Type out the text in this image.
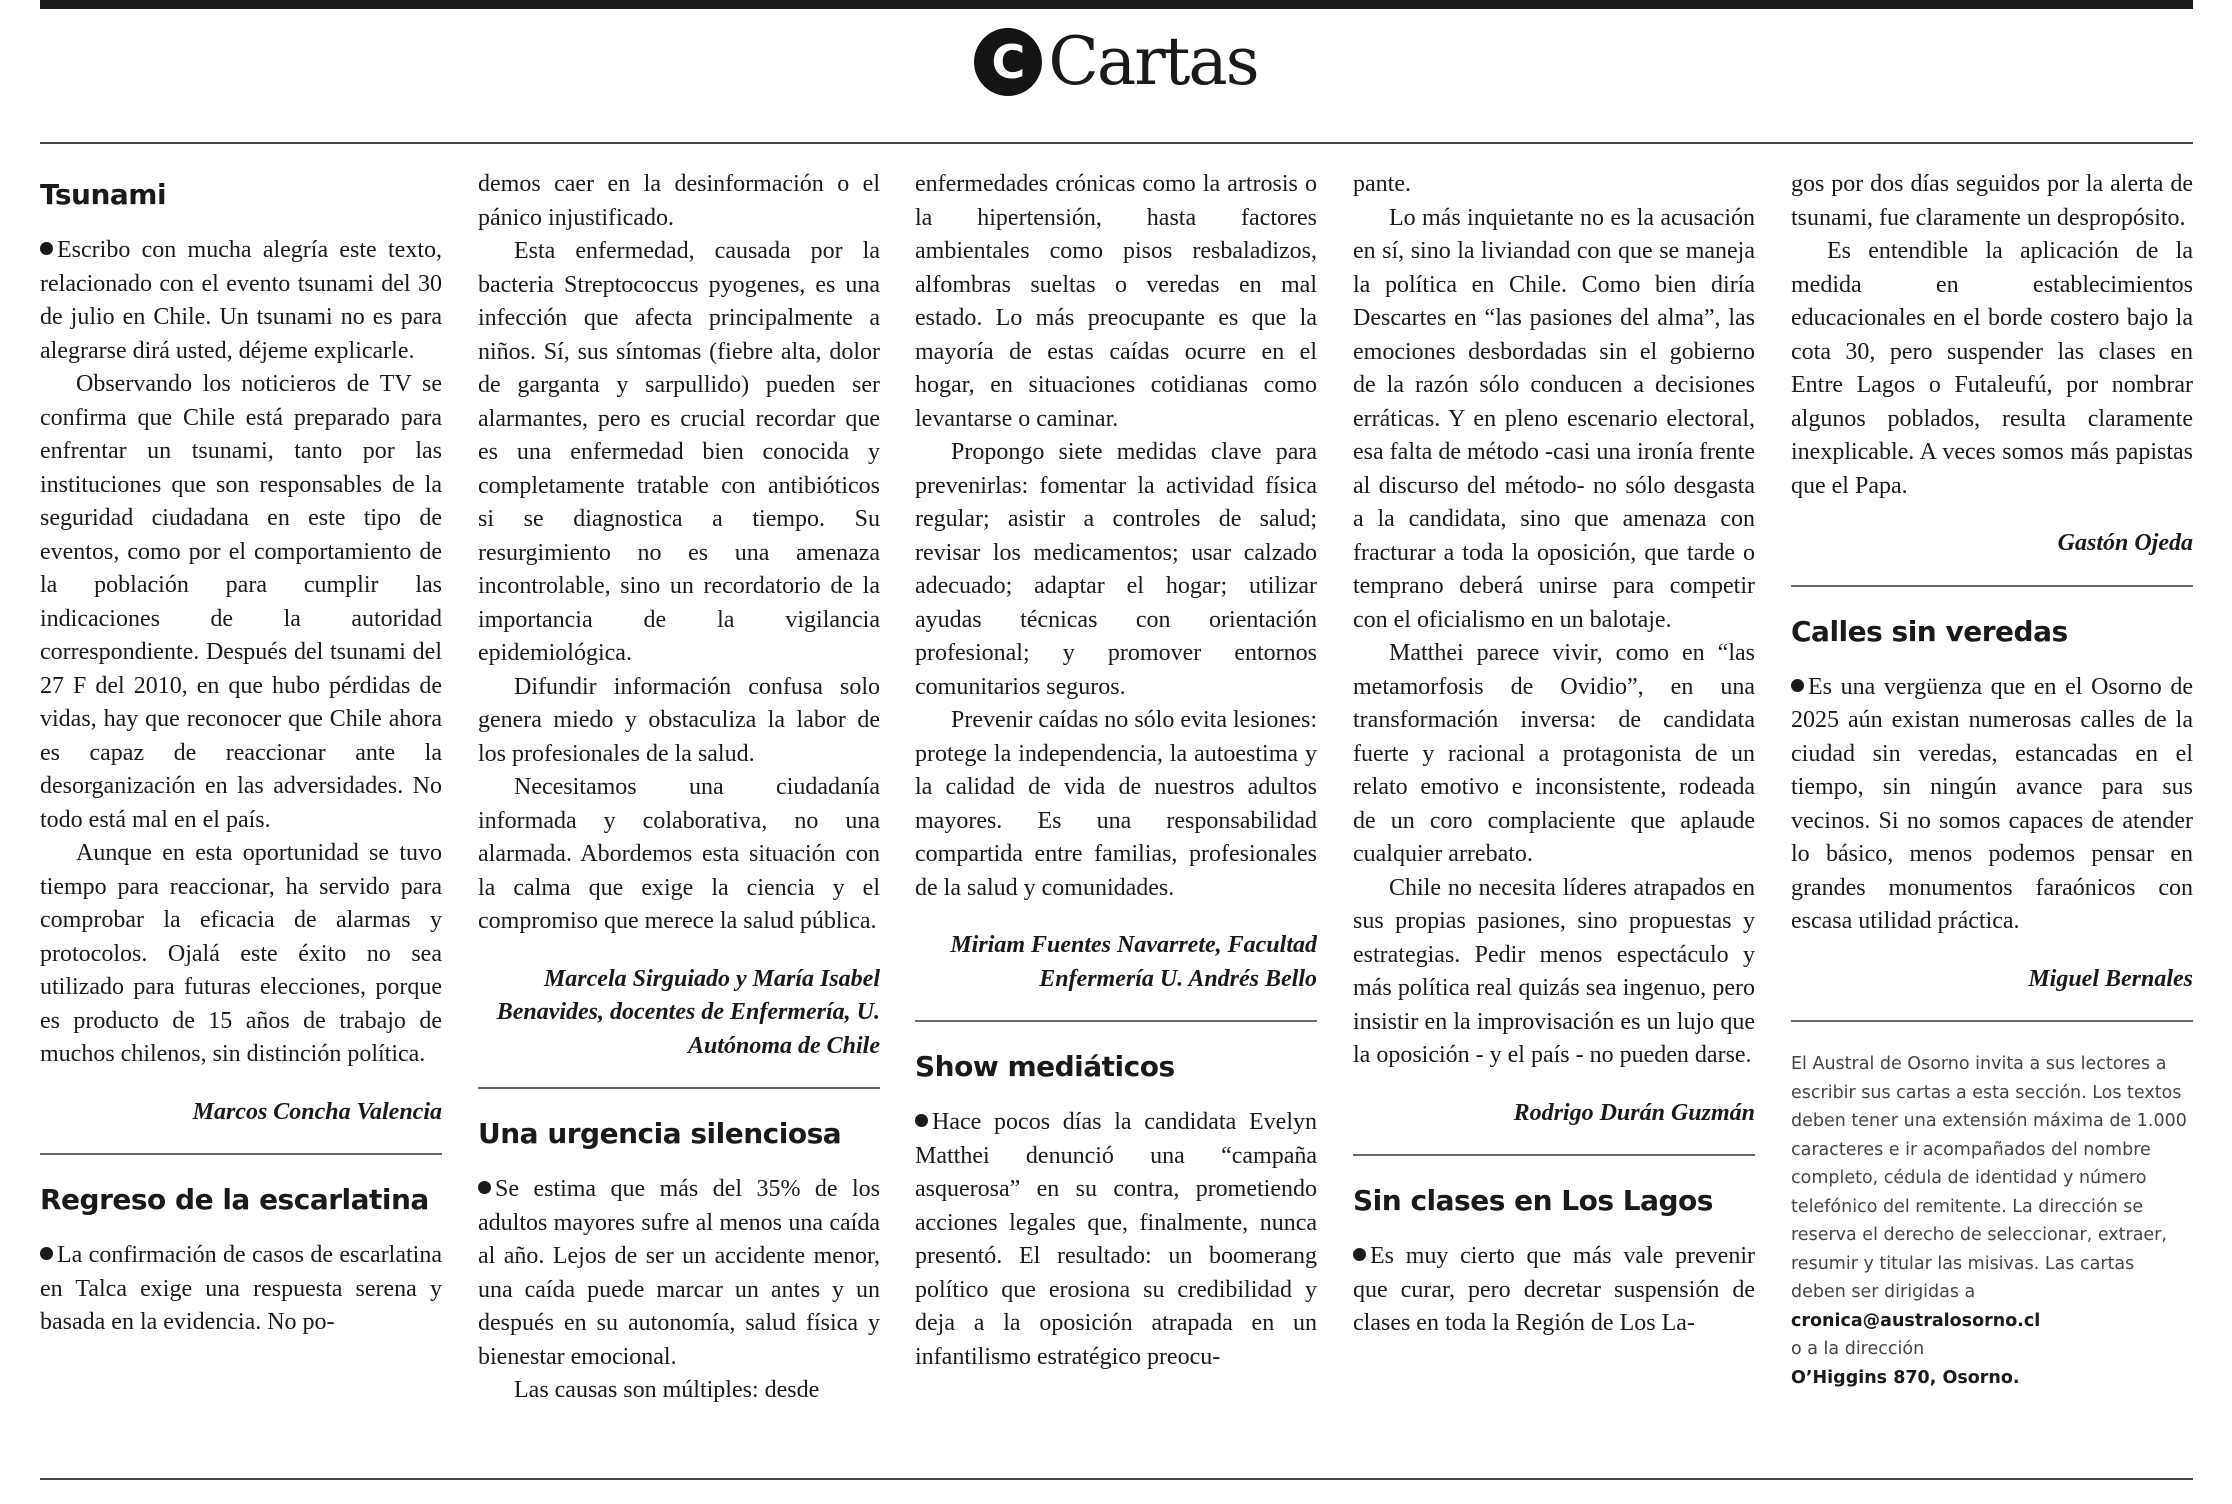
C Cartas
Tsunami

Escribo con mucha alegría este texto, relacionado con el evento tsunami del 30 de julio en Chile. Un tsunami no es para alegrarse dirá usted, déjeme explicarle.

Observando los noticieros de TV se confirma que Chile está preparado para enfrentar un tsunami, tanto por las instituciones que son responsables de la seguridad ciudadana en este tipo de eventos, como por el comportamiento de la población para cumplir las indicaciones de la autoridad correspondiente. Después del tsunami del 27 F del 2010, en que hubo pérdidas de vidas, hay que reconocer que Chile ahora es capaz de reaccionar ante la desorganización en las adversidades. No todo está mal en el país.

Aunque en esta oportunidad se tuvo tiempo para reaccionar, ha servido para comprobar la eficacia de alarmas y protocolos. Ojalá este éxito no sea utilizado para futuras elecciones, porque es producto de 15 años de trabajo de muchos chilenos, sin distinción política.

Marcos Concha Valencia
Regreso de la escarlatina

La confirmación de casos de escarlatina en Talca exige una respuesta serena y basada en la evidencia. No po-

demos caer en la desinformación o el pánico injustificado.

Esta enfermedad, causada por la bacteria Streptococcus pyogenes, es una infección que afecta principalmente a niños. Sí, sus síntomas (fiebre alta, dolor de garganta y sarpullido) pueden ser alarmantes, pero es crucial recordar que es una enfermedad bien conocida y completamente tratable con antibióticos si se diagnostica a tiempo. Su resurgimiento no es una amenaza incontrolable, sino un recordatorio de la importancia de la vigilancia epidemiológica.

Difundir información confusa solo genera miedo y obstaculiza la labor de los profesionales de la salud.

Necesitamos una ciudadanía informada y colaborativa, no una alarmada. Abordemos esta situación con la calma que exige la ciencia y el compromiso que merece la salud pública.

Marcela Sirguiado y María Isabel Benavides, docentes de Enfermería, U. Autónoma de Chile
Una urgencia silenciosa

Se estima que más del 35% de los adultos mayores sufre al menos una caída al año. Lejos de ser un accidente menor, una caída puede marcar un antes y un después en su autonomía, salud física y bienestar emocional.

Las causas son múltiples: desde

enfermedades crónicas como la artrosis o la hipertensión, hasta factores ambientales como pisos resbaladizos, alfombras sueltas o veredas en mal estado. Lo más preocupante es que la mayoría de estas caídas ocurre en el hogar, en situaciones cotidianas como levantarse o caminar.

Propongo siete medidas clave para prevenirlas: fomentar la actividad física regular; asistir a controles de salud; revisar los medicamentos; usar calzado adecuado; adaptar el hogar; utilizar ayudas técnicas con orientación profesional; y promover entornos comunitarios seguros.

Prevenir caídas no sólo evita lesiones: protege la independencia, la autoestima y la calidad de vida de nuestros adultos mayores. Es una responsabilidad compartida entre familias, profesionales de la salud y comunidades.

Miriam Fuentes Navarrete, Facultad Enfermería U. Andrés Bello
Show mediáticos

Hace pocos días la candidata Evelyn Matthei denunció una “campaña asquerosa” en su contra, prometiendo acciones legales que, finalmente, nunca presentó. El resultado: un boomerang político que erosiona su credibilidad y deja a la oposición atrapada en un infantilismo estratégico preocu-

pante.

Lo más inquietante no es la acusación en sí, sino la liviandad con que se maneja la política en Chile. Como bien diría Descartes en “las pasiones del alma”, las emociones desbordadas sin el gobierno de la razón sólo conducen a decisiones erráticas. Y en pleno escenario electoral, esa falta de método -casi una ironía frente al discurso del método- no sólo desgasta a la candidata, sino que amenaza con fracturar a toda la oposición, que tarde o temprano deberá unirse para competir con el oficialismo en un balotaje.

Matthei parece vivir, como en “las metamorfosis de Ovidio”, en una transformación inversa: de candidata fuerte y racional a protagonista de un relato emotivo e inconsistente, rodeada de un coro complaciente que aplaude cualquier arrebato.

Chile no necesita líderes atrapados en sus propias pasiones, sino propuestas y estrategias. Pedir menos espectáculo y más política real quizás sea ingenuo, pero insistir en la improvisación es un lujo que la oposición - y el país - no pueden darse.

Rodrigo Durán Guzmán
Sin clases en Los Lagos

Es muy cierto que más vale prevenir que curar, pero decretar suspensión de clases en toda la Región de Los La-

gos por dos días seguidos por la alerta de tsunami, fue claramente un despropósito.

Es entendible la aplicación de la medida en establecimientos educacionales en el borde costero bajo la cota 30, pero suspender las clases en Entre Lagos o Futaleufú, por nombrar algunos poblados, resulta claramente inexplicable. A veces somos más papistas que el Papa.

Gastón Ojeda
Calles sin veredas

Es una vergüenza que en el Osorno de 2025 aún existan numerosas calles de la ciudad sin veredas, estancadas en el tiempo, sin ningún avance para sus vecinos. Si no somos capaces de atender lo básico, menos podemos pensar en grandes monumentos faraónicos con escasa utilidad práctica.

Miguel Bernales
El Austral de Osorno invita a sus lectores a escribir sus cartas a esta sección. Los textos deben tener una extensión máxima de 1.000 caracteres e ir acompañados del nombre completo, cédula de identidad y número telefónico del remitente. La dirección se reserva el derecho de seleccionar, extraer, resumir y titular las misivas. Las cartas deben ser dirigidas a
cronica@australosorno.cl
o a la dirección
O’Higgins 870, Osorno.
